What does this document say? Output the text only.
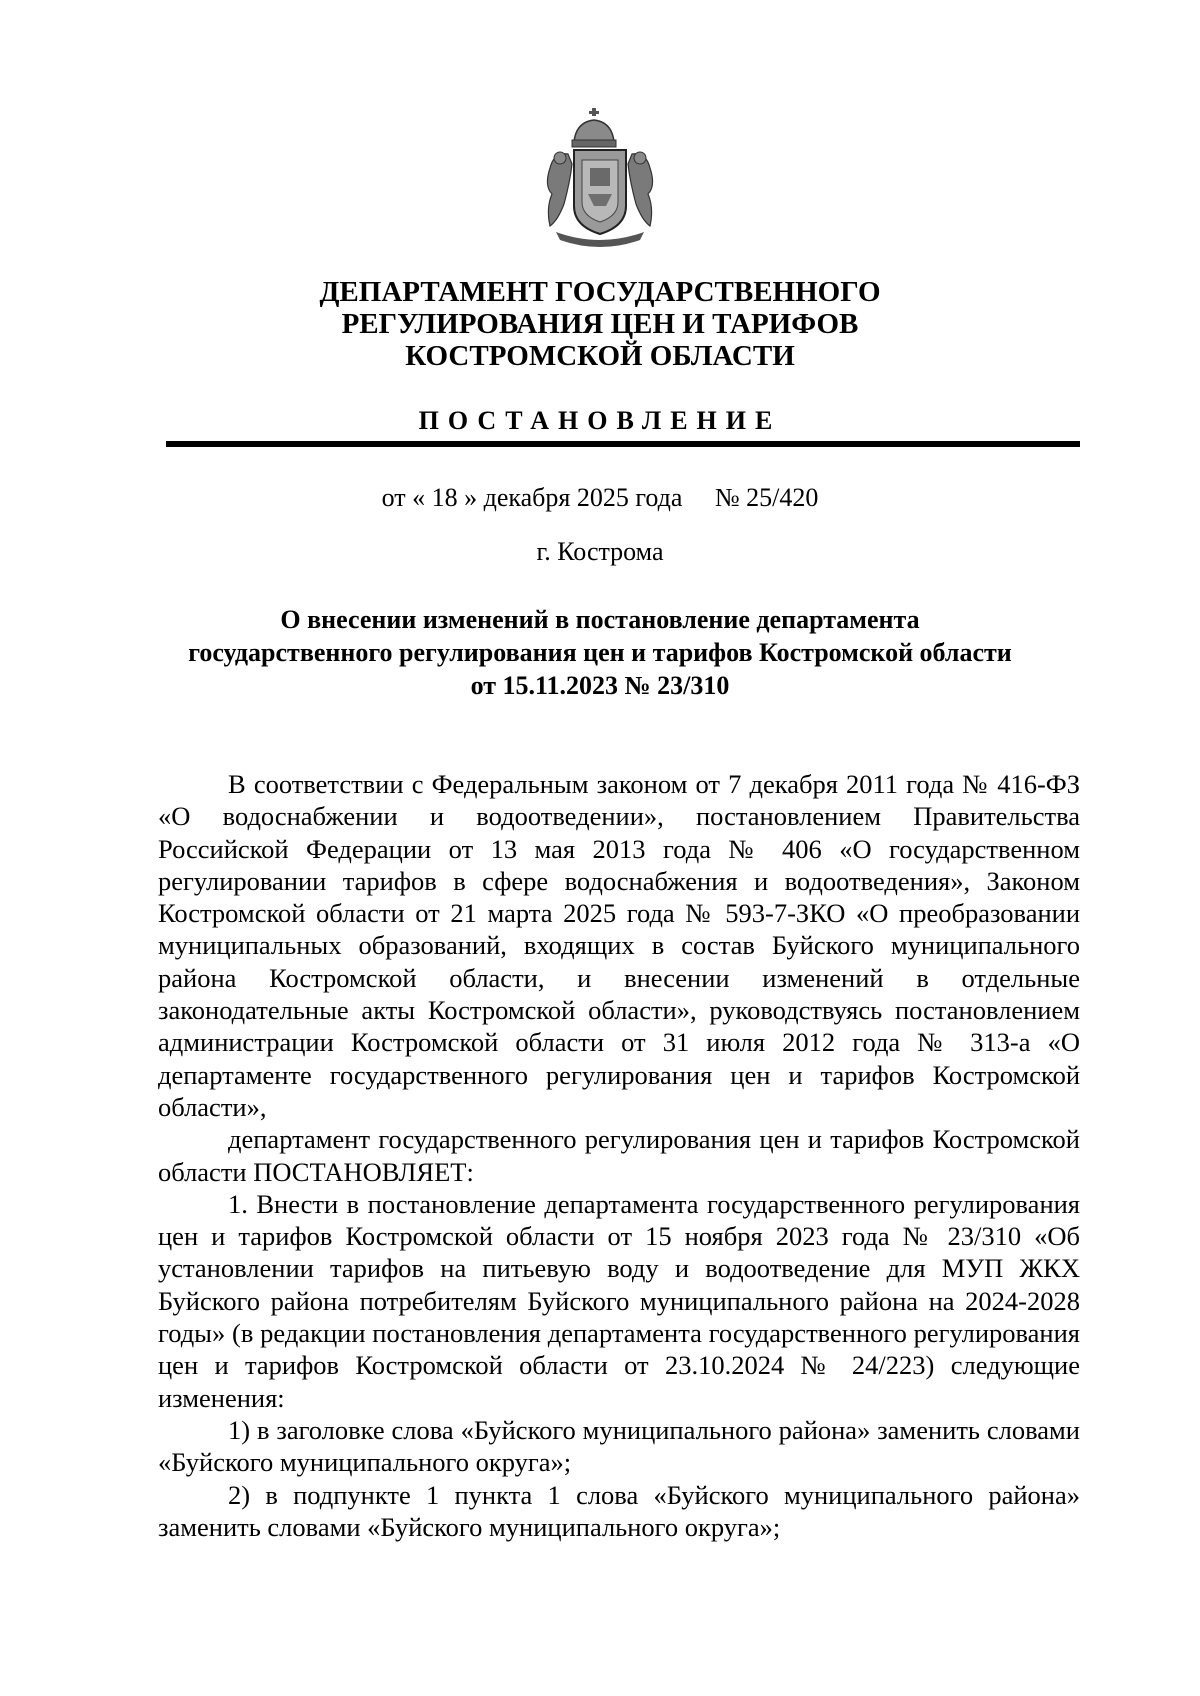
ДЕПАРТАМЕНТ ГОСУДАРСТВЕННОГО
РЕГУЛИРОВАНИЯ ЦЕН И ТАРИФОВ
КОСТРОМСКОЙ ОБЛАСТИ
ПОСТАНОВЛЕНИЕ
от « 18 » декабря 2025 года     № 25/420
г. Кострома
О внесении изменений в постановление департамента
государственного регулирования цен и тарифов Костромской области
от 15.11.2023 № 23/310

В соответствии с Федеральным законом от 7 декабря 2011 года № 416-ФЗ «О водоснабжении и водоотведении», постановлением Правительства Российской Федерации от 13 мая 2013 года № 406 «О государственном регулировании тарифов в сфере водоснабжения и водоотведения», Законом Костромской области от 21 марта 2025 года № 593-7-ЗКО «О преобразовании муниципальных образований, входящих в состав Буйского муниципального района Костромской области, и внесении изменений в отдельные законодательные акты Костромской области», руководствуясь постановлением администрации Костромской области от 31 июля 2012 года № 313-а «О департаменте государственного регулирования цен и тарифов Костромской области»,

департамент государственного регулирования цен и тарифов Костромской области ПОСТАНОВЛЯЕТ:

1. Внести в постановление департамента государственного регулирования цен и тарифов Костромской области от 15 ноября 2023 года № 23/310 «Об установлении тарифов на питьевую воду и водоотведение для МУП ЖКХ Буйского района потребителям Буйского муниципального района на 2024-2028 годы» (в редакции постановления департамента государственного регулирования цен и тарифов Костромской области от 23.10.2024 № 24/223) следующие изменения:

1) в заголовке слова «Буйского муниципального района» заменить словами «Буйского муниципального округа»;

2) в подпункте 1 пункта 1 слова «Буйского муниципального района» заменить словами «Буйского муниципального округа»;
